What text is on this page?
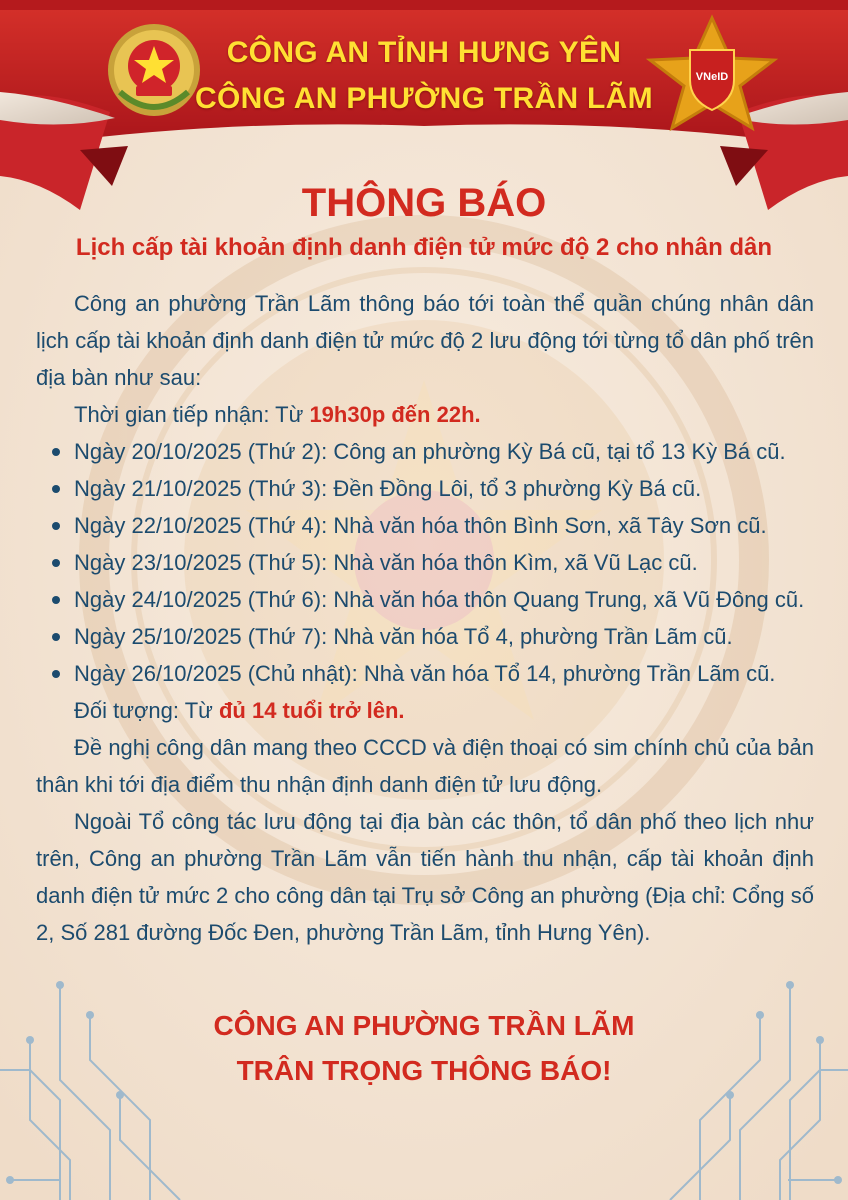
VNeID
CÔNG AN TỈNH HƯNG YÊN
CÔNG AN PHƯỜNG TRẦN LÃM
THÔNG BÁO
Lịch cấp tài khoản định danh điện tử mức độ 2 cho nhân dân

Công an phường Trần Lãm thông báo tới toàn thể quần chúng nhân dân lịch cấp tài khoản định danh điện tử mức độ 2 lưu động tới từng tổ dân phố trên địa bàn như sau:

Thời gian tiếp nhận: Từ 19h30p đến 22h.

Ngày 20/10/2025 (Thứ 2): Công an phường Kỳ Bá cũ, tại tổ 13 Kỳ Bá cũ.
Ngày 21/10/2025 (Thứ 3): Đền Đồng Lôi, tổ 3 phường Kỳ Bá cũ.
Ngày 22/10/2025 (Thứ 4): Nhà văn hóa thôn Bình Sơn, xã Tây Sơn cũ.
Ngày 23/10/2025 (Thứ 5): Nhà văn hóa thôn Kìm, xã Vũ Lạc cũ.
Ngày 24/10/2025 (Thứ 6): Nhà văn hóa thôn Quang Trung, xã Vũ Đông cũ.
Ngày 25/10/2025 (Thứ 7): Nhà văn hóa Tổ 4, phường Trần Lãm cũ.
Ngày 26/10/2025 (Chủ nhật): Nhà văn hóa Tổ 14, phường Trần Lãm cũ.

Đối tượng: Từ đủ 14 tuổi trở lên.

Đề nghị công dân mang theo CCCD và điện thoại có sim chính chủ của bản thân khi tới địa điểm thu nhận định danh điện tử lưu động.

Ngoài Tổ công tác lưu động tại địa bàn các thôn, tổ dân phố theo lịch như trên, Công an phường Trần Lãm vẫn tiến hành thu nhận, cấp tài khoản định danh điện tử mức 2 cho công dân tại Trụ sở Công an phường (Địa chỉ: Cổng số 2, Số 281 đường Đốc Đen, phường Trần Lãm, tỉnh Hưng Yên).

CÔNG AN PHƯỜNG TRẦN LÃM
TRÂN TRỌNG THÔNG BÁO!
